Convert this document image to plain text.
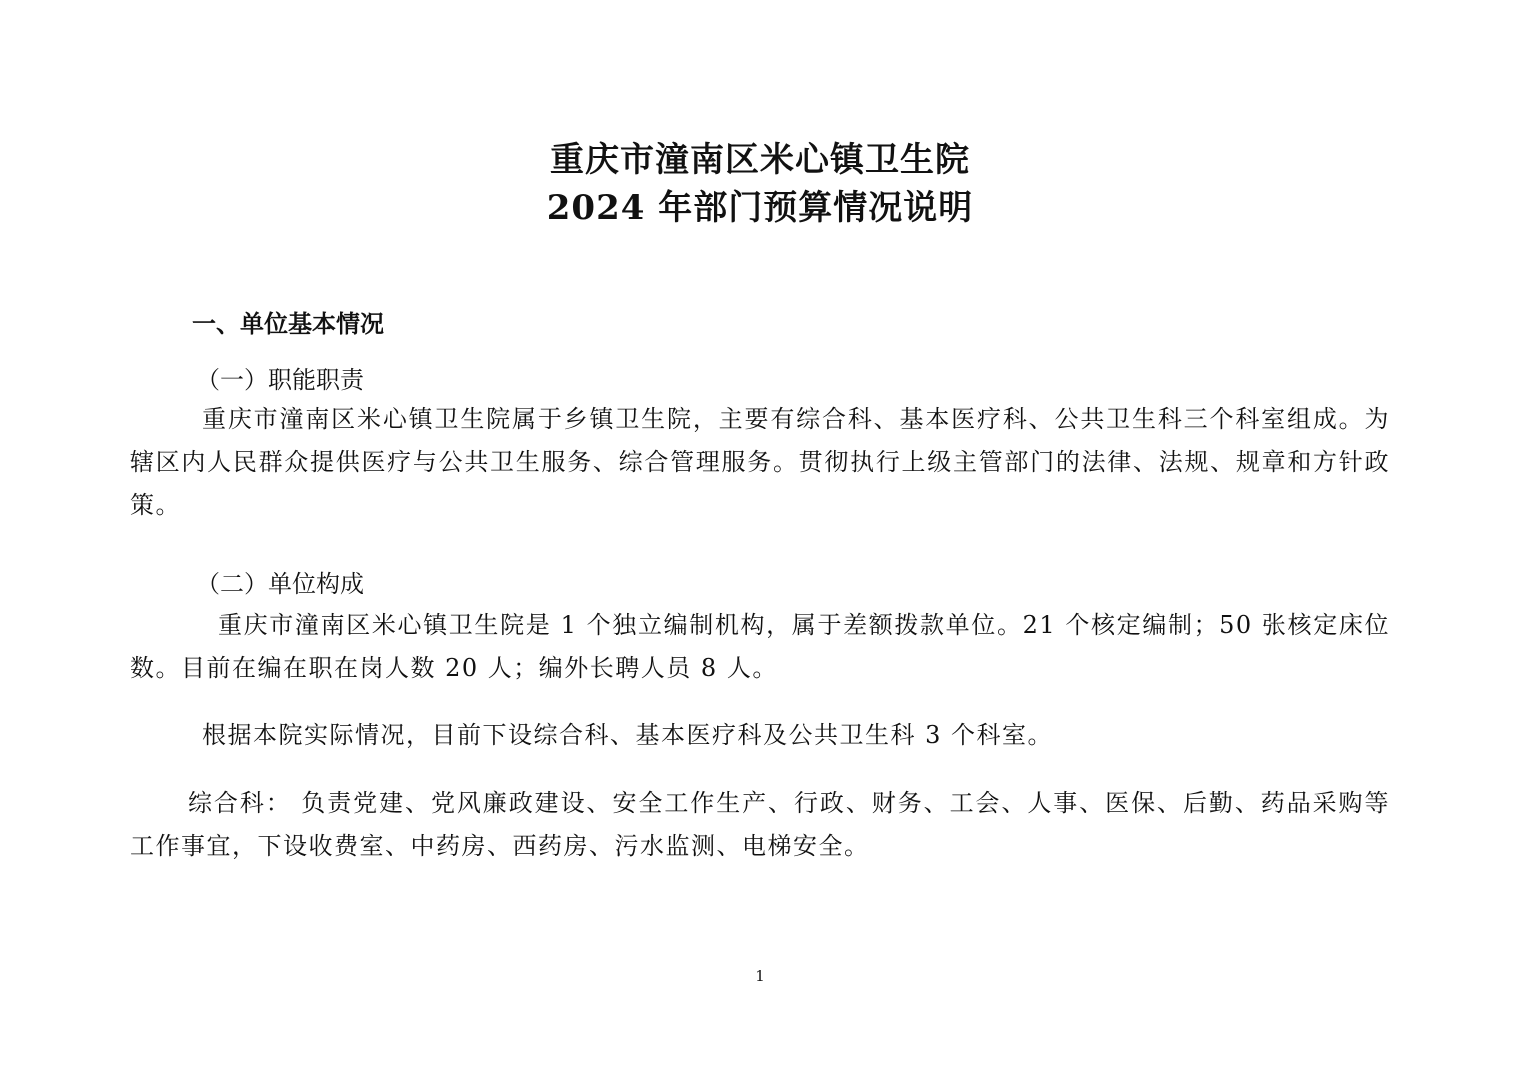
重庆市潼南区米心镇卫生院
2024 年部门预算情况说明
一、单位基本情况
（一）职能职责
重庆市潼南区米心镇卫生院属于乡镇卫生院，主要有综合科、基本医疗科、公共卫生科三个科室组成。为辖区内人民群众提供医疗与公共卫生服务、综合管理服务。贯彻执行上级主管部门的法律、法规、规章和方针政策。
（二）单位构成
重庆市潼南区米心镇卫生院是 1 个独立编制机构，属于差额拨款单位。21 个核定编制；50 张核定床位数。目前在编在职在岗人数 20 人；编外长聘人员 8 人。
根据本院实际情况，目前下设综合科、基本医疗科及公共卫生科 3 个科室。
综合科： 负责党建、党风廉政建设、安全工作生产、行政、财务、工会、人事、医保、后勤、药品采购等工作事宜，下设收费室、中药房、西药房、污水监测、电梯安全。
1
